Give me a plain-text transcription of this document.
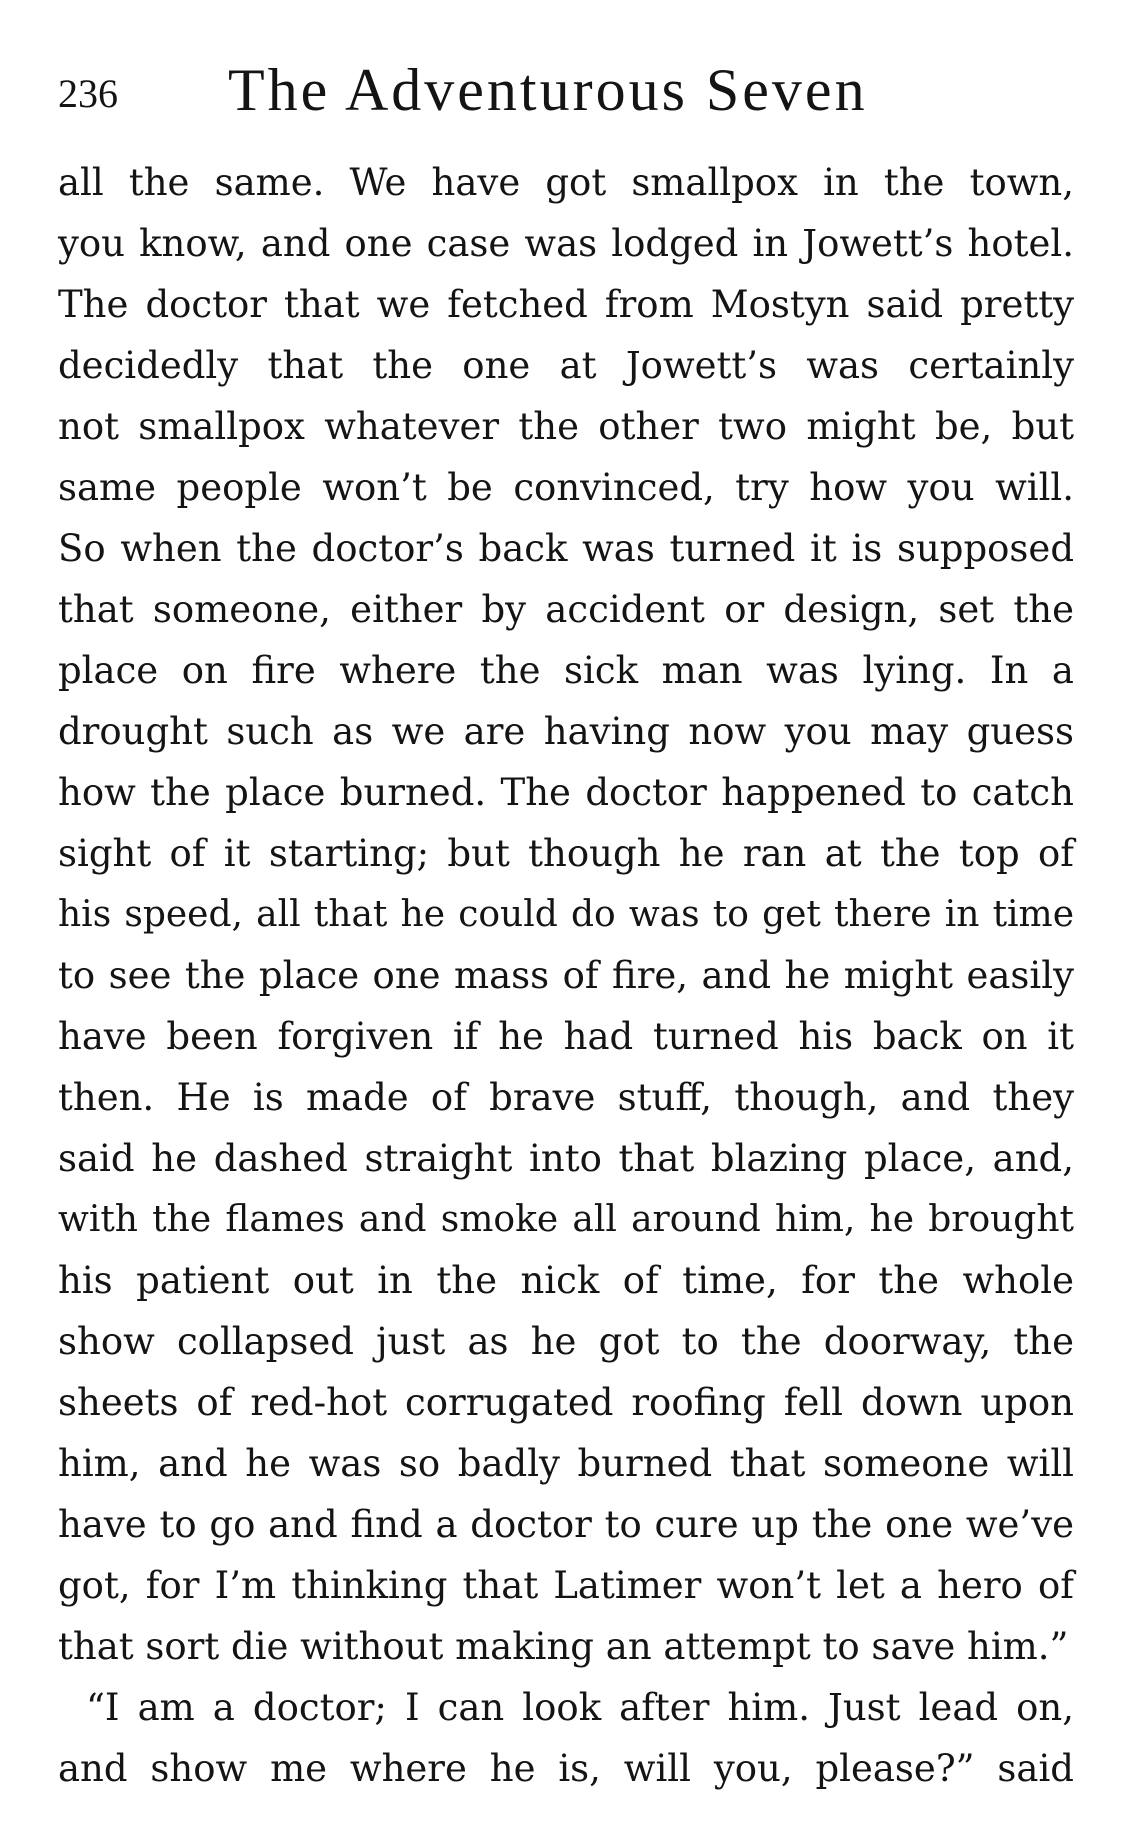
236 The Adventurous Seven
all the same. We have got smallpox in the town,
you know, and one case was lodged in Jowett’s hotel.
The doctor that we fetched from Mostyn said pretty
decidedly that the one at Jowett’s was certainly
not smallpox whatever the other two might be, but
same people won’t be convinced, try how you will.
So when the doctor’s back was turned it is supposed
that someone, either by accident or design, set the
place on fire where the sick man was lying. In a
drought such as we are having now you may guess
how the place burned. The doctor happened to catch
sight of it starting; but though he ran at the top of
his speed, all that he could do was to get there in time
to see the place one mass of fire, and he might easily
have been forgiven if he had turned his back on it
then. He is made of brave stuff, though, and they
said he dashed straight into that blazing place, and,
with the flames and smoke all around him, he brought
his patient out in the nick of time, for the whole
show collapsed just as he got to the doorway, the
sheets of red-hot corrugated roofing fell down upon
him, and he was so badly burned that someone will
have to go and find a doctor to cure up the one we’ve
got, for I’m thinking that Latimer won’t let a hero of
that sort die without making an attempt to save him.”
“I am a doctor; I can look after him. Just lead on,
and show me where he is, will you, please?” said
